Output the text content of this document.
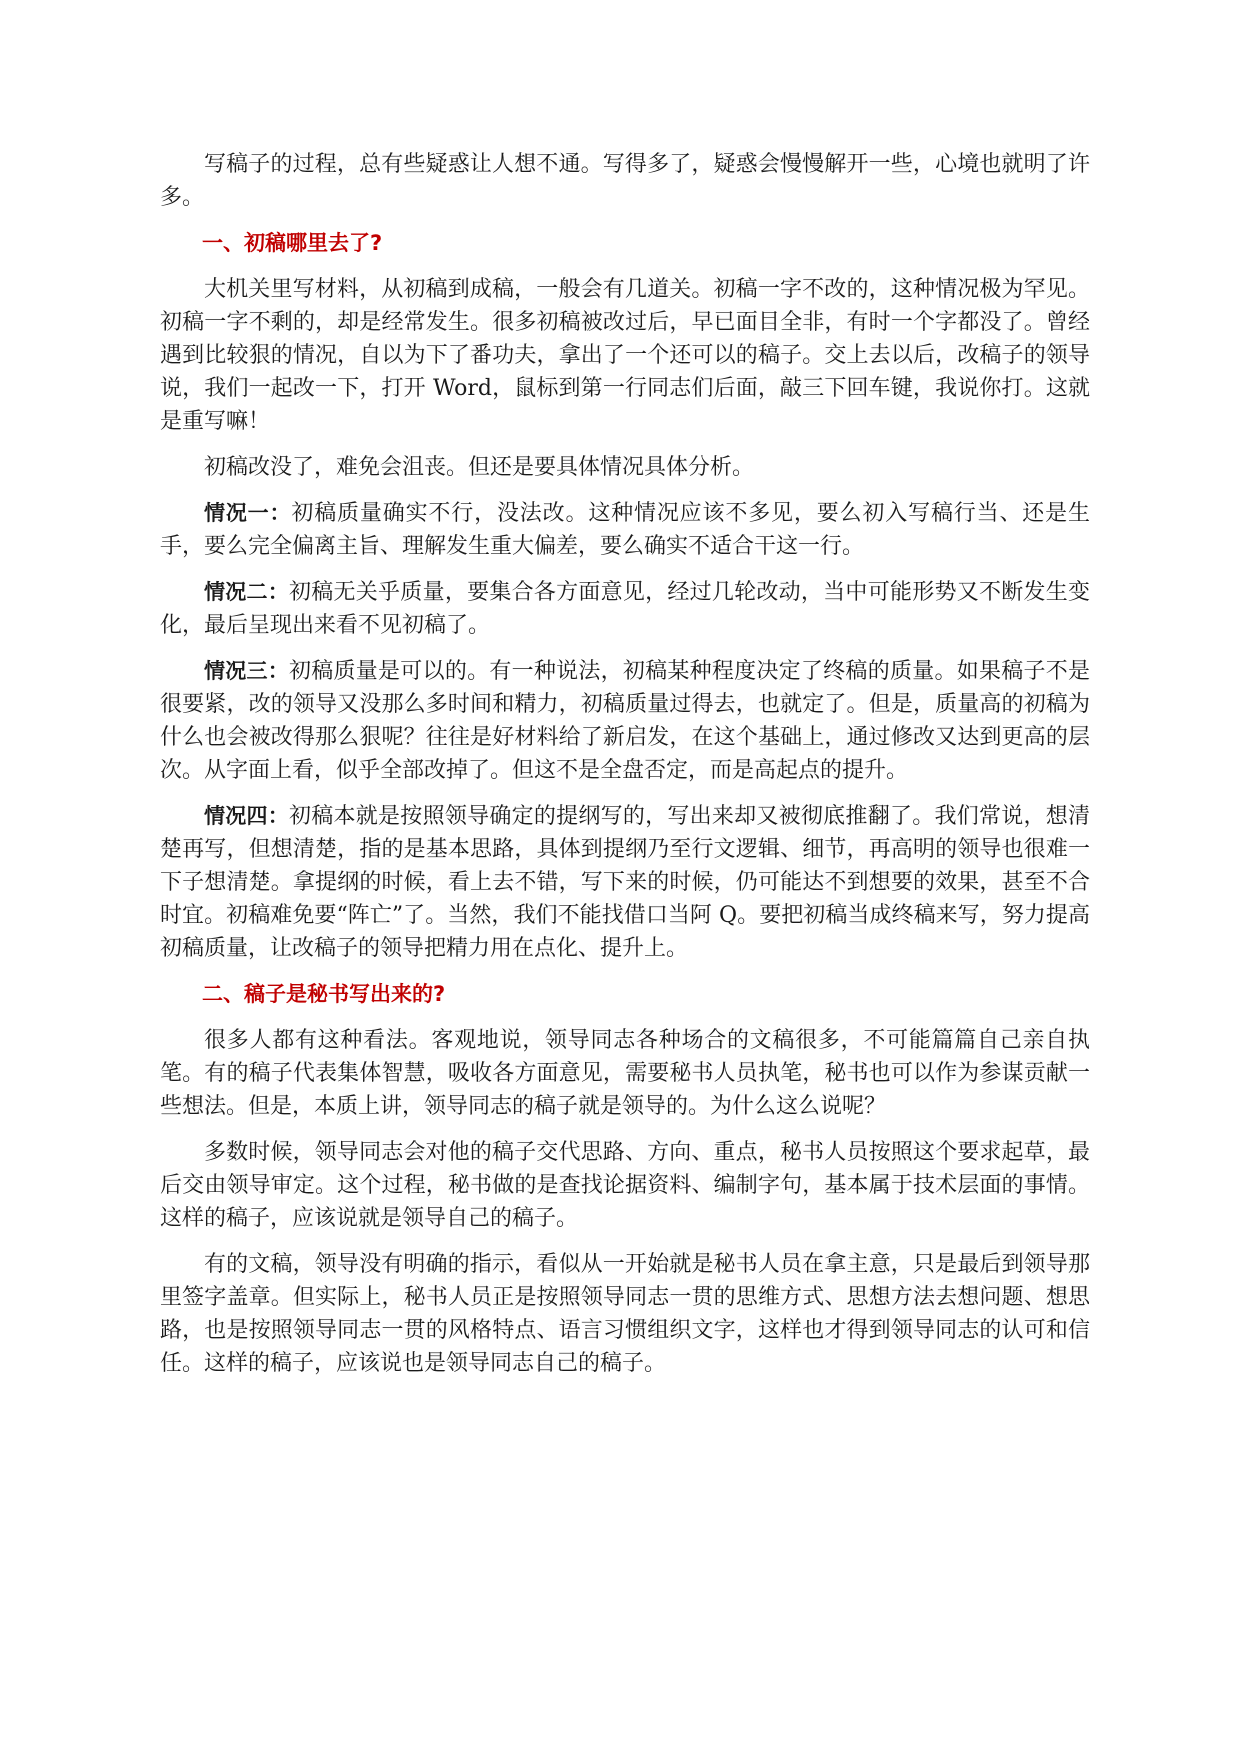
写稿子的过程，总有些疑惑让人想不通。写得多了，疑惑会慢慢解开一些，心境也就明了许多。

一、初稿哪里去了?

大机关里写材料，从初稿到成稿，一般会有几道关。初稿一字不改的，这种情况极为罕见。初稿一字不剩的，却是经常发生。很多初稿被改过后，早已面目全非，有时一个字都没了。曾经遇到比较狠的情况，自以为下了番功夫，拿出了一个还可以的稿子。交上去以后，改稿子的领导说，我们一起改一下，打开 Word，鼠标到第一行同志们后面，敲三下回车键，我说你打。这就是重写嘛！

初稿改没了，难免会沮丧。但还是要具体情况具体分析。

情况一：初稿质量确实不行，没法改。这种情况应该不多见，要么初入写稿行当、还是生手，要么完全偏离主旨、理解发生重大偏差，要么确实不适合干这一行。

情况二：初稿无关乎质量，要集合各方面意见，经过几轮改动，当中可能形势又不断发生变化，最后呈现出来看不见初稿了。

情况三：初稿质量是可以的。有一种说法，初稿某种程度决定了终稿的质量。如果稿子不是很要紧，改的领导又没那么多时间和精力，初稿质量过得去，也就定了。但是，质量高的初稿为什么也会被改得那么狠呢？往往是好材料给了新启发，在这个基础上，通过修改又达到更高的层次。从字面上看，似乎全部改掉了。但这不是全盘否定，而是高起点的提升。

情况四：初稿本就是按照领导确定的提纲写的，写出来却又被彻底推翻了。我们常说，想清楚再写，但想清楚，指的是基本思路，具体到提纲乃至行文逻辑、细节，再高明的领导也很难一下子想清楚。拿提纲的时候，看上去不错，写下来的时候，仍可能达不到想要的效果，甚至不合时宜。初稿难免要“阵亡”了。当然，我们不能找借口当阿 Q。要把初稿当成终稿来写，努力提高初稿质量，让改稿子的领导把精力用在点化、提升上。

二、稿子是秘书写出来的?

很多人都有这种看法。客观地说，领导同志各种场合的文稿很多，不可能篇篇自己亲自执笔。有的稿子代表集体智慧，吸收各方面意见，需要秘书人员执笔，秘书也可以作为参谋贡献一些想法。但是，本质上讲，领导同志的稿子就是领导的。为什么这么说呢？

多数时候，领导同志会对他的稿子交代思路、方向、重点，秘书人员按照这个要求起草，最后交由领导审定。这个过程，秘书做的是查找论据资料、编制字句，基本属于技术层面的事情。这样的稿子，应该说就是领导自己的稿子。

有的文稿，领导没有明确的指示，看似从一开始就是秘书人员在拿主意，只是最后到领导那里签字盖章。但实际上，秘书人员正是按照领导同志一贯的思维方式、思想方法去想问题、想思路，也是按照领导同志一贯的风格特点、语言习惯组织文字，这样也才得到领导同志的认可和信任。这样的稿子，应该说也是领导同志自己的稿子。
